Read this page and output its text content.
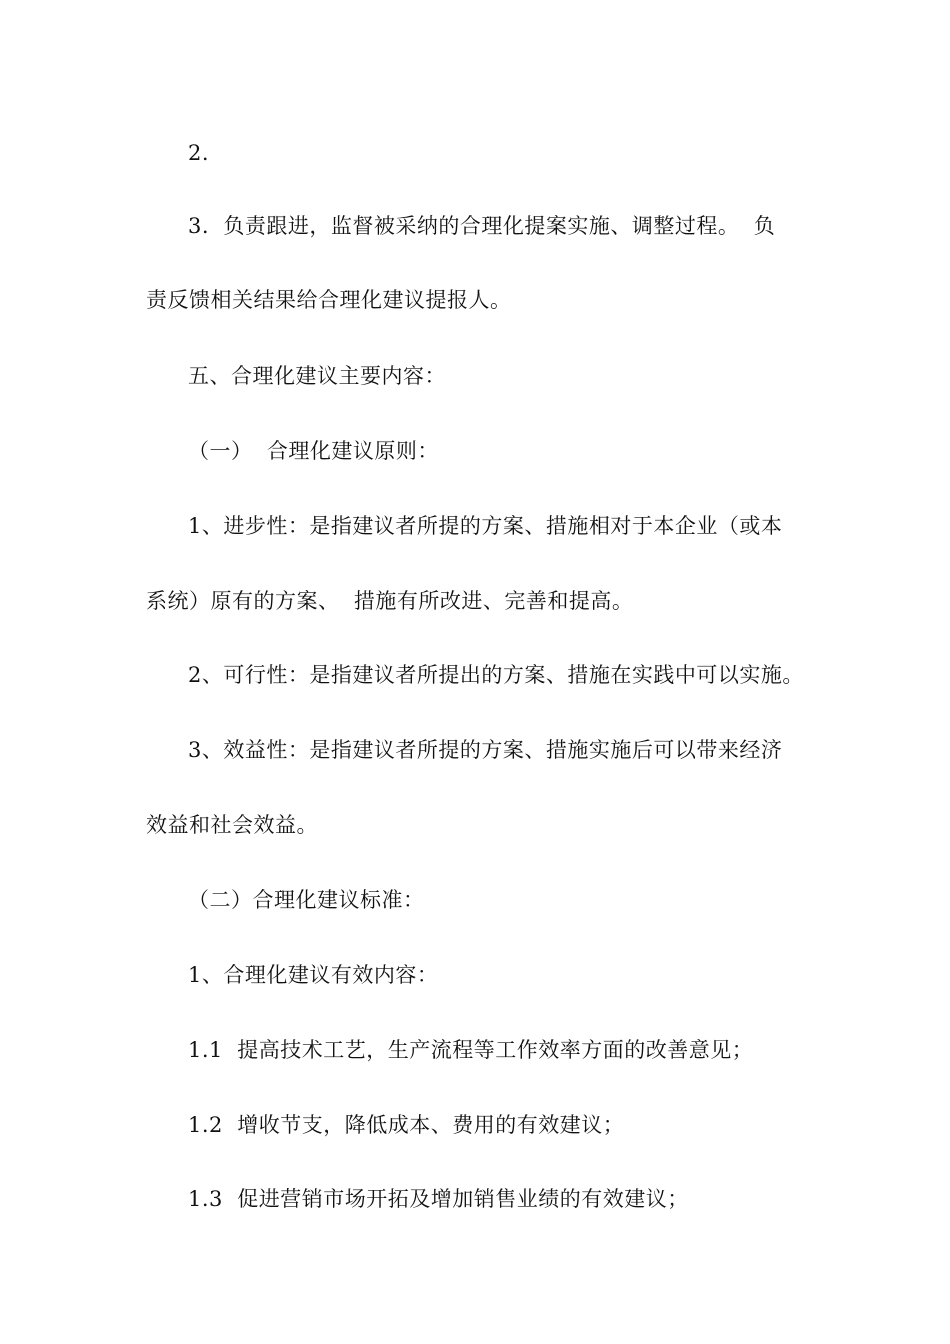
2.
3.  负责跟进，监督被采纳的合理化提案实施、调整过程。  负
责反馈相关结果给合理化建议提报人。
五、合理化建议主要内容：
（一）  合理化建议原则：
1、进步性：是指建议者所提的方案、措施相对于本企业（或本
系统）原有的方案、  措施有所改进、完善和提高。
2、可行性：是指建议者所提出的方案、措施在实践中可以实施。
3、效益性：是指建议者所提的方案、措施实施后可以带来经济
效益和社会效益。
（二）合理化建议标准：
1、合理化建议有效内容：
1.1  提高技术工艺，生产流程等工作效率方面的改善意见；
1.2  增收节支，降低成本、费用的有效建议；
1.3  促进营销市场开拓及增加销售业绩的有效建议；
